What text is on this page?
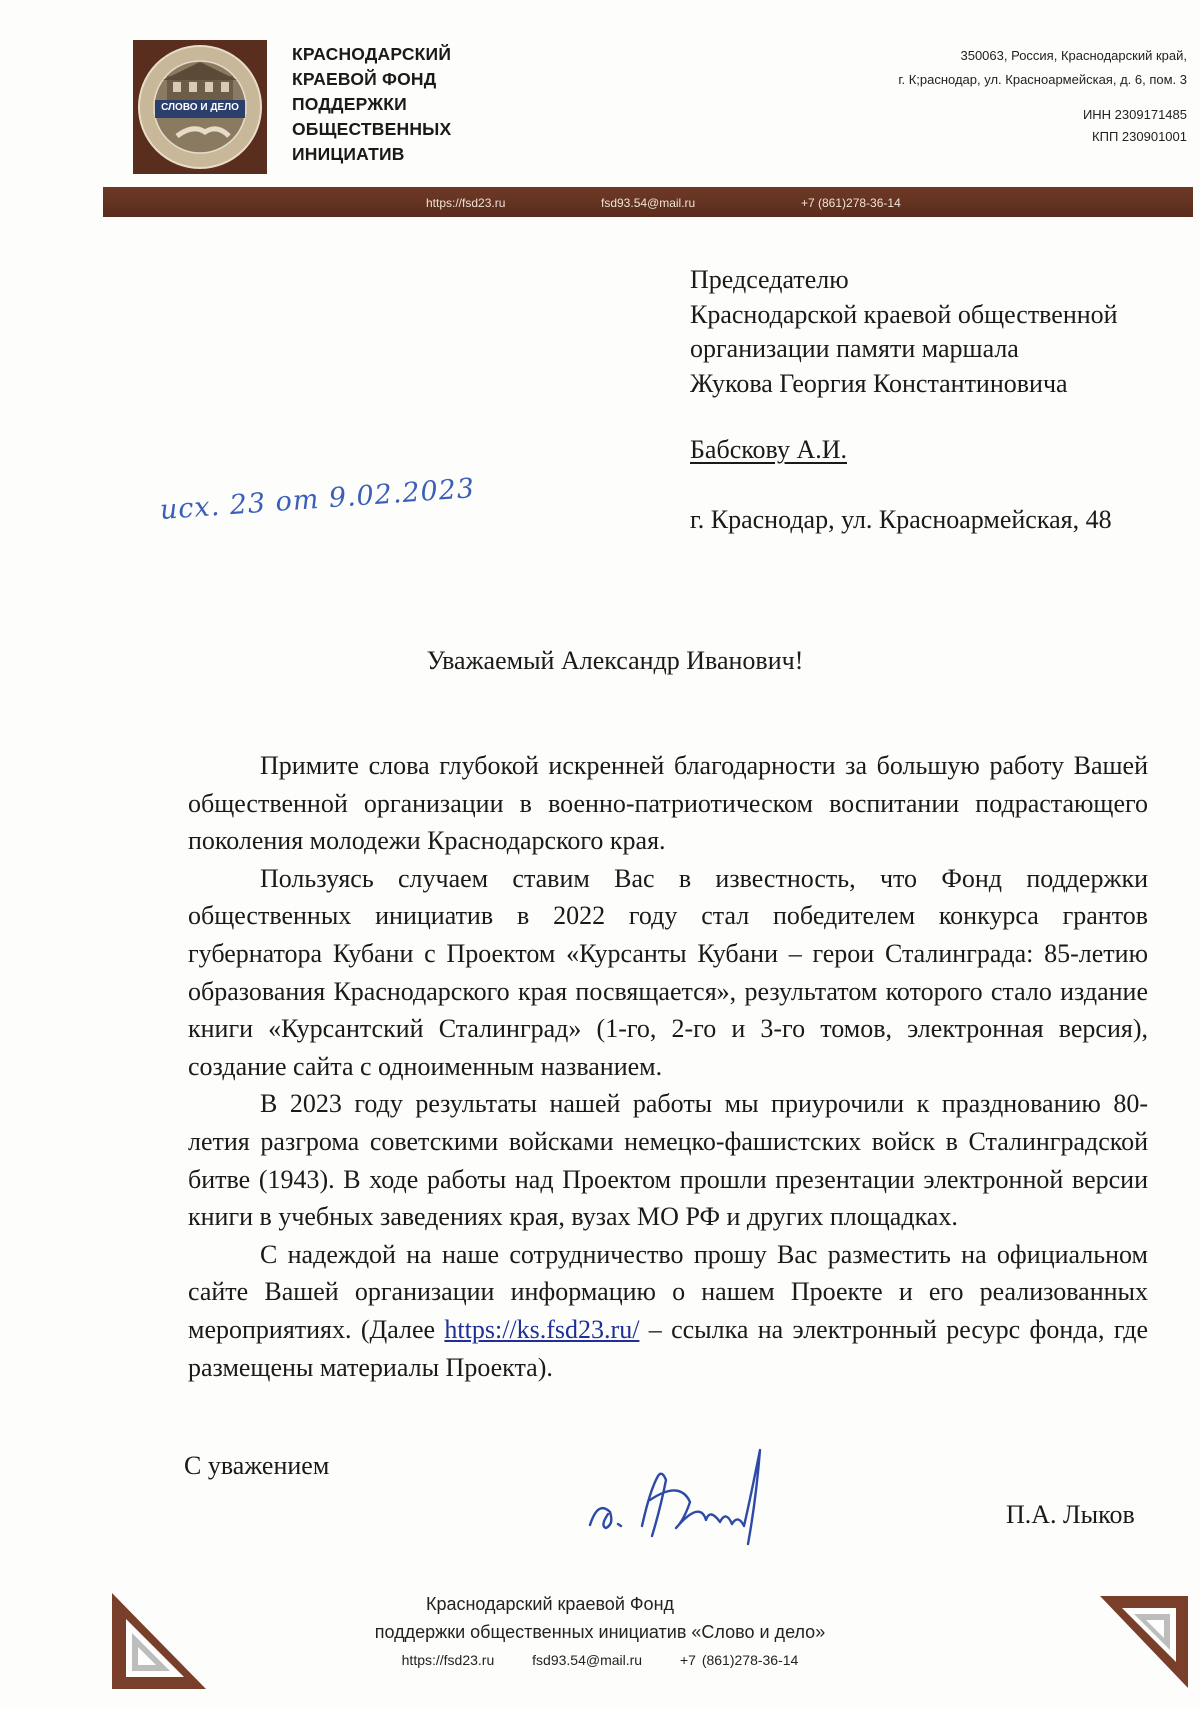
СЛОВО И ДЕЛО
КРАСНОДАРСКИЙ
КРАЕВОЙ ФОНД
ПОДДЕРЖКИ
ОБЩЕСТВЕННЫХ
ИНИЦИАТИВ
350063, Россия, Краснодарский край,
г. К;раснодар, ул. Красноармейская, д. 6, пом. 3
ИНН 2309171485
КПП 230901001
https://fsd23.ru	fsd93.54@mail.ru	+7 (861)278-36-14
Председателю
Краснодарской краевой общественной
организации памяти маршала
Жукова Георгия Константиновича
Бабскову А.И.
г. Краснодар, ул. Красноармейская, 48
исх. 23 от 9.02.2023
Уважаемый Александр Иванович!

Примите слова глубокой искренней благодарности за большую работу Вашей общественной организации в военно-патриотическом воспитании подрастающего поколения молодежи Краснодарского края.

Пользуясь случаем ставим Вас в известность, что Фонд поддержки общественных инициатив в 2022 году стал победителем конкурса грантов губернатора Кубани с Проектом «Курсанты Кубани – герои Сталинграда: 85-летию образования Краснодарского края посвящается», результатом которого стало издание книги «Курсантский Сталинград» (1-го, 2-го и 3-го томов, электронная версия), создание сайта с одноименным названием.

В 2023 году результаты нашей работы мы приурочили к празднованию 80-летия разгрома советскими войсками немецко-фашистских войск в Сталинградской битве (1943). В ходе работы над Проектом прошли презентации электронной версии книги в учебных заведениях края, вузах МО РФ и других площадках.

С надеждой на наше сотрудничество прошу Вас разместить на официальном сайте Вашей организации информацию о нашем Проекте и его реализованных мероприятиях. (Далее https://ks.fsd23.ru/ – ссылка на электронный ресурс фонда, где размещены материалы Проекта).

С уважением
П.А. Лыков
Краснодарский краевой Фонд
поддержки общественных инициатив «Слово и дело»
https://fsd23.ru	fsd93.54@mail.ru	+7 (861)278-36-14
